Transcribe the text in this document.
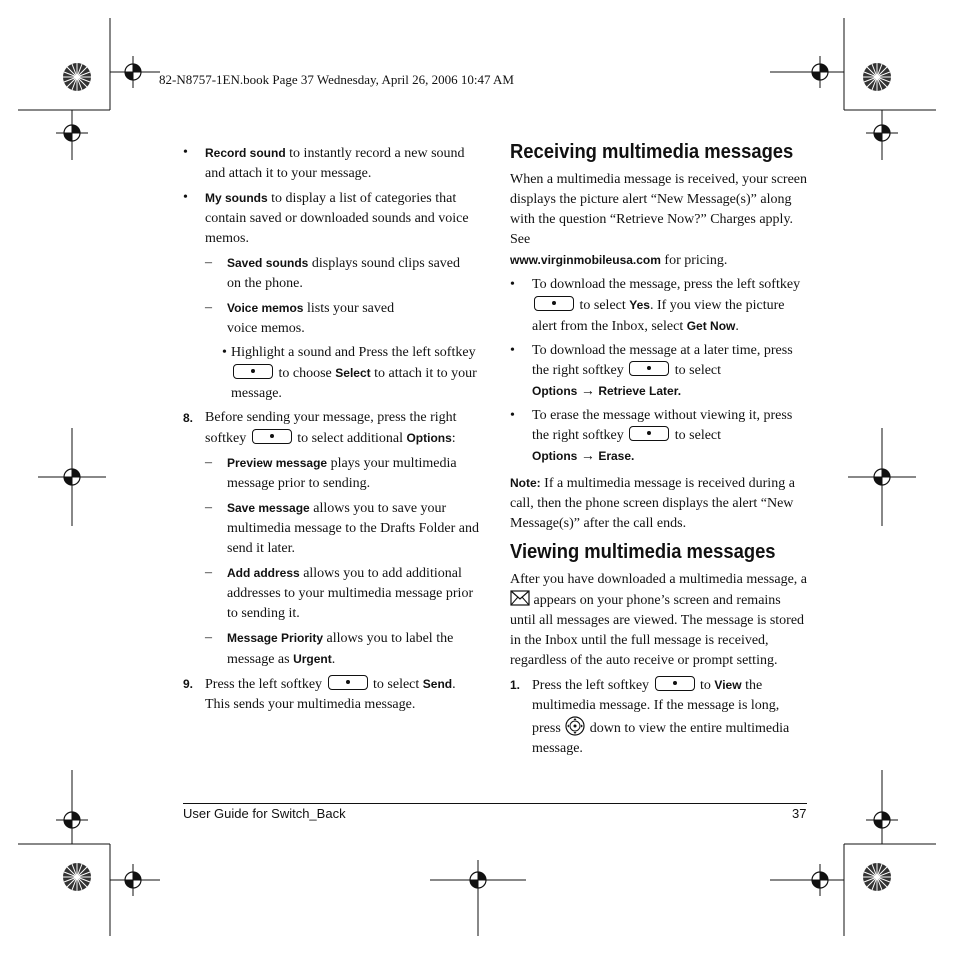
82-N8757-1EN.book Page 37 Wednesday, April 26, 2006 10:47 AM
• Record sound to instantly record a new sound and attach it to your message.

• My sounds to display a list of categories that contain saved or downloaded sounds and voice memos.

– Saved sounds displays sound clips saved on the phone.

– Voice memos lists your saved voice memos.

• Highlight a sound and Press the left softkey  to choose Select to attach it to your message.

8. Before sending your message, press the right softkey	to select additional Options:

– Preview message plays your multimedia message prior to sending.

– Save message allows you to save your multimedia message to the Drafts Folder and send it later.

– Add address allows you to add additional addresses to your multimedia message prior to sending it.

– Message Priority allows you to label the message as Urgent.

9. Press the left softkey	to select Send. This sends your multimedia message.

Receiving multimedia messages

When a multimedia message is received, your screen displays the picture alert “New Message(s)” along with the question “Retrieve Now?” Charges apply. See
www.virginmobileusa.com for pricing.

• To download the message, press the left softkey  to select Yes. If you view the picture alert from the Inbox, select Get Now.

• To download the message at a later time, press the right softkey	to select
Options → Retrieve Later.

• To erase the message without viewing it, press the right softkey	to select
Options → Erase.

Note: If a multimedia message is received during a call, then the phone screen displays the alert “New Message(s)” after the call ends.

Viewing multimedia messages

After you have downloaded a multimedia message, a  appears on your phone’s screen and remains until all messages are viewed. The message is stored in the Inbox until the full message is received, regardless of the auto receive or prompt setting.

1. Press the left softkey	to View the multimedia message. If the message is long, press  down to view the entire multimedia message.

User Guide for Switch_Back	37
